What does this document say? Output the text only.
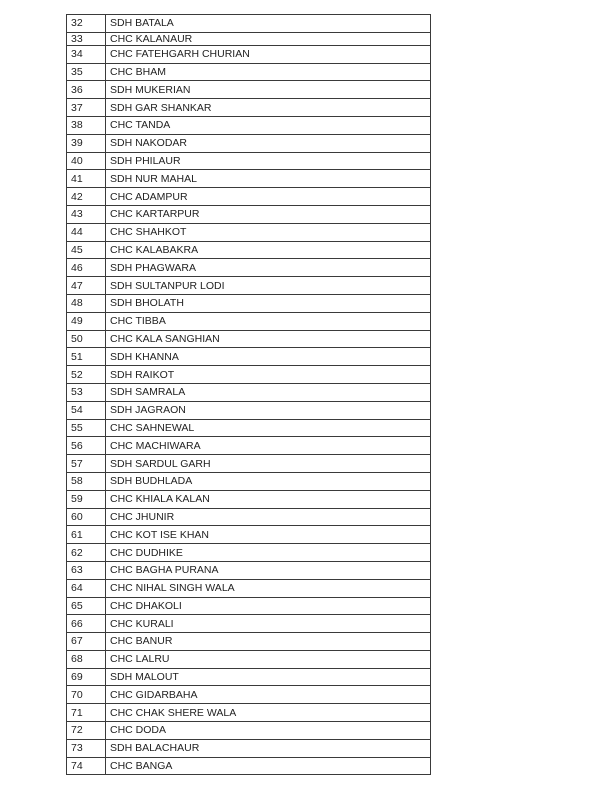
32	SDH BATALA
33	CHC KALANAUR
34	CHC FATEHGARH CHURIAN
35	CHC BHAM
36	SDH MUKERIAN
37	SDH GAR SHANKAR
38	CHC TANDA
39	SDH NAKODAR
40	SDH PHILAUR
41	SDH NUR MAHAL
42	CHC ADAMPUR
43	CHC KARTARPUR
44	CHC SHAHKOT
45	CHC KALABAKRA
46	SDH PHAGWARA
47	SDH SULTANPUR LODI
48	SDH BHOLATH
49	CHC TIBBA
50	CHC KALA SANGHIAN
51	SDH KHANNA
52	SDH RAIKOT
53	SDH SAMRALA
54	SDH JAGRAON
55	CHC SAHNEWAL
56	CHC MACHIWARA
57	SDH SARDUL GARH
58	SDH BUDHLADA
59	CHC KHIALA KALAN
60	CHC JHUNIR
61	CHC KOT ISE KHAN
62	CHC DUDHIKE
63	CHC BAGHA PURANA
64	CHC NIHAL SINGH WALA
65	CHC DHAKOLI
66	CHC KURALI
67	CHC BANUR
68	CHC LALRU
69	SDH MALOUT
70	CHC GIDARBAHA
71	CHC CHAK SHERE WALA
72	CHC DODA
73	SDH BALACHAUR
74	CHC BANGA
